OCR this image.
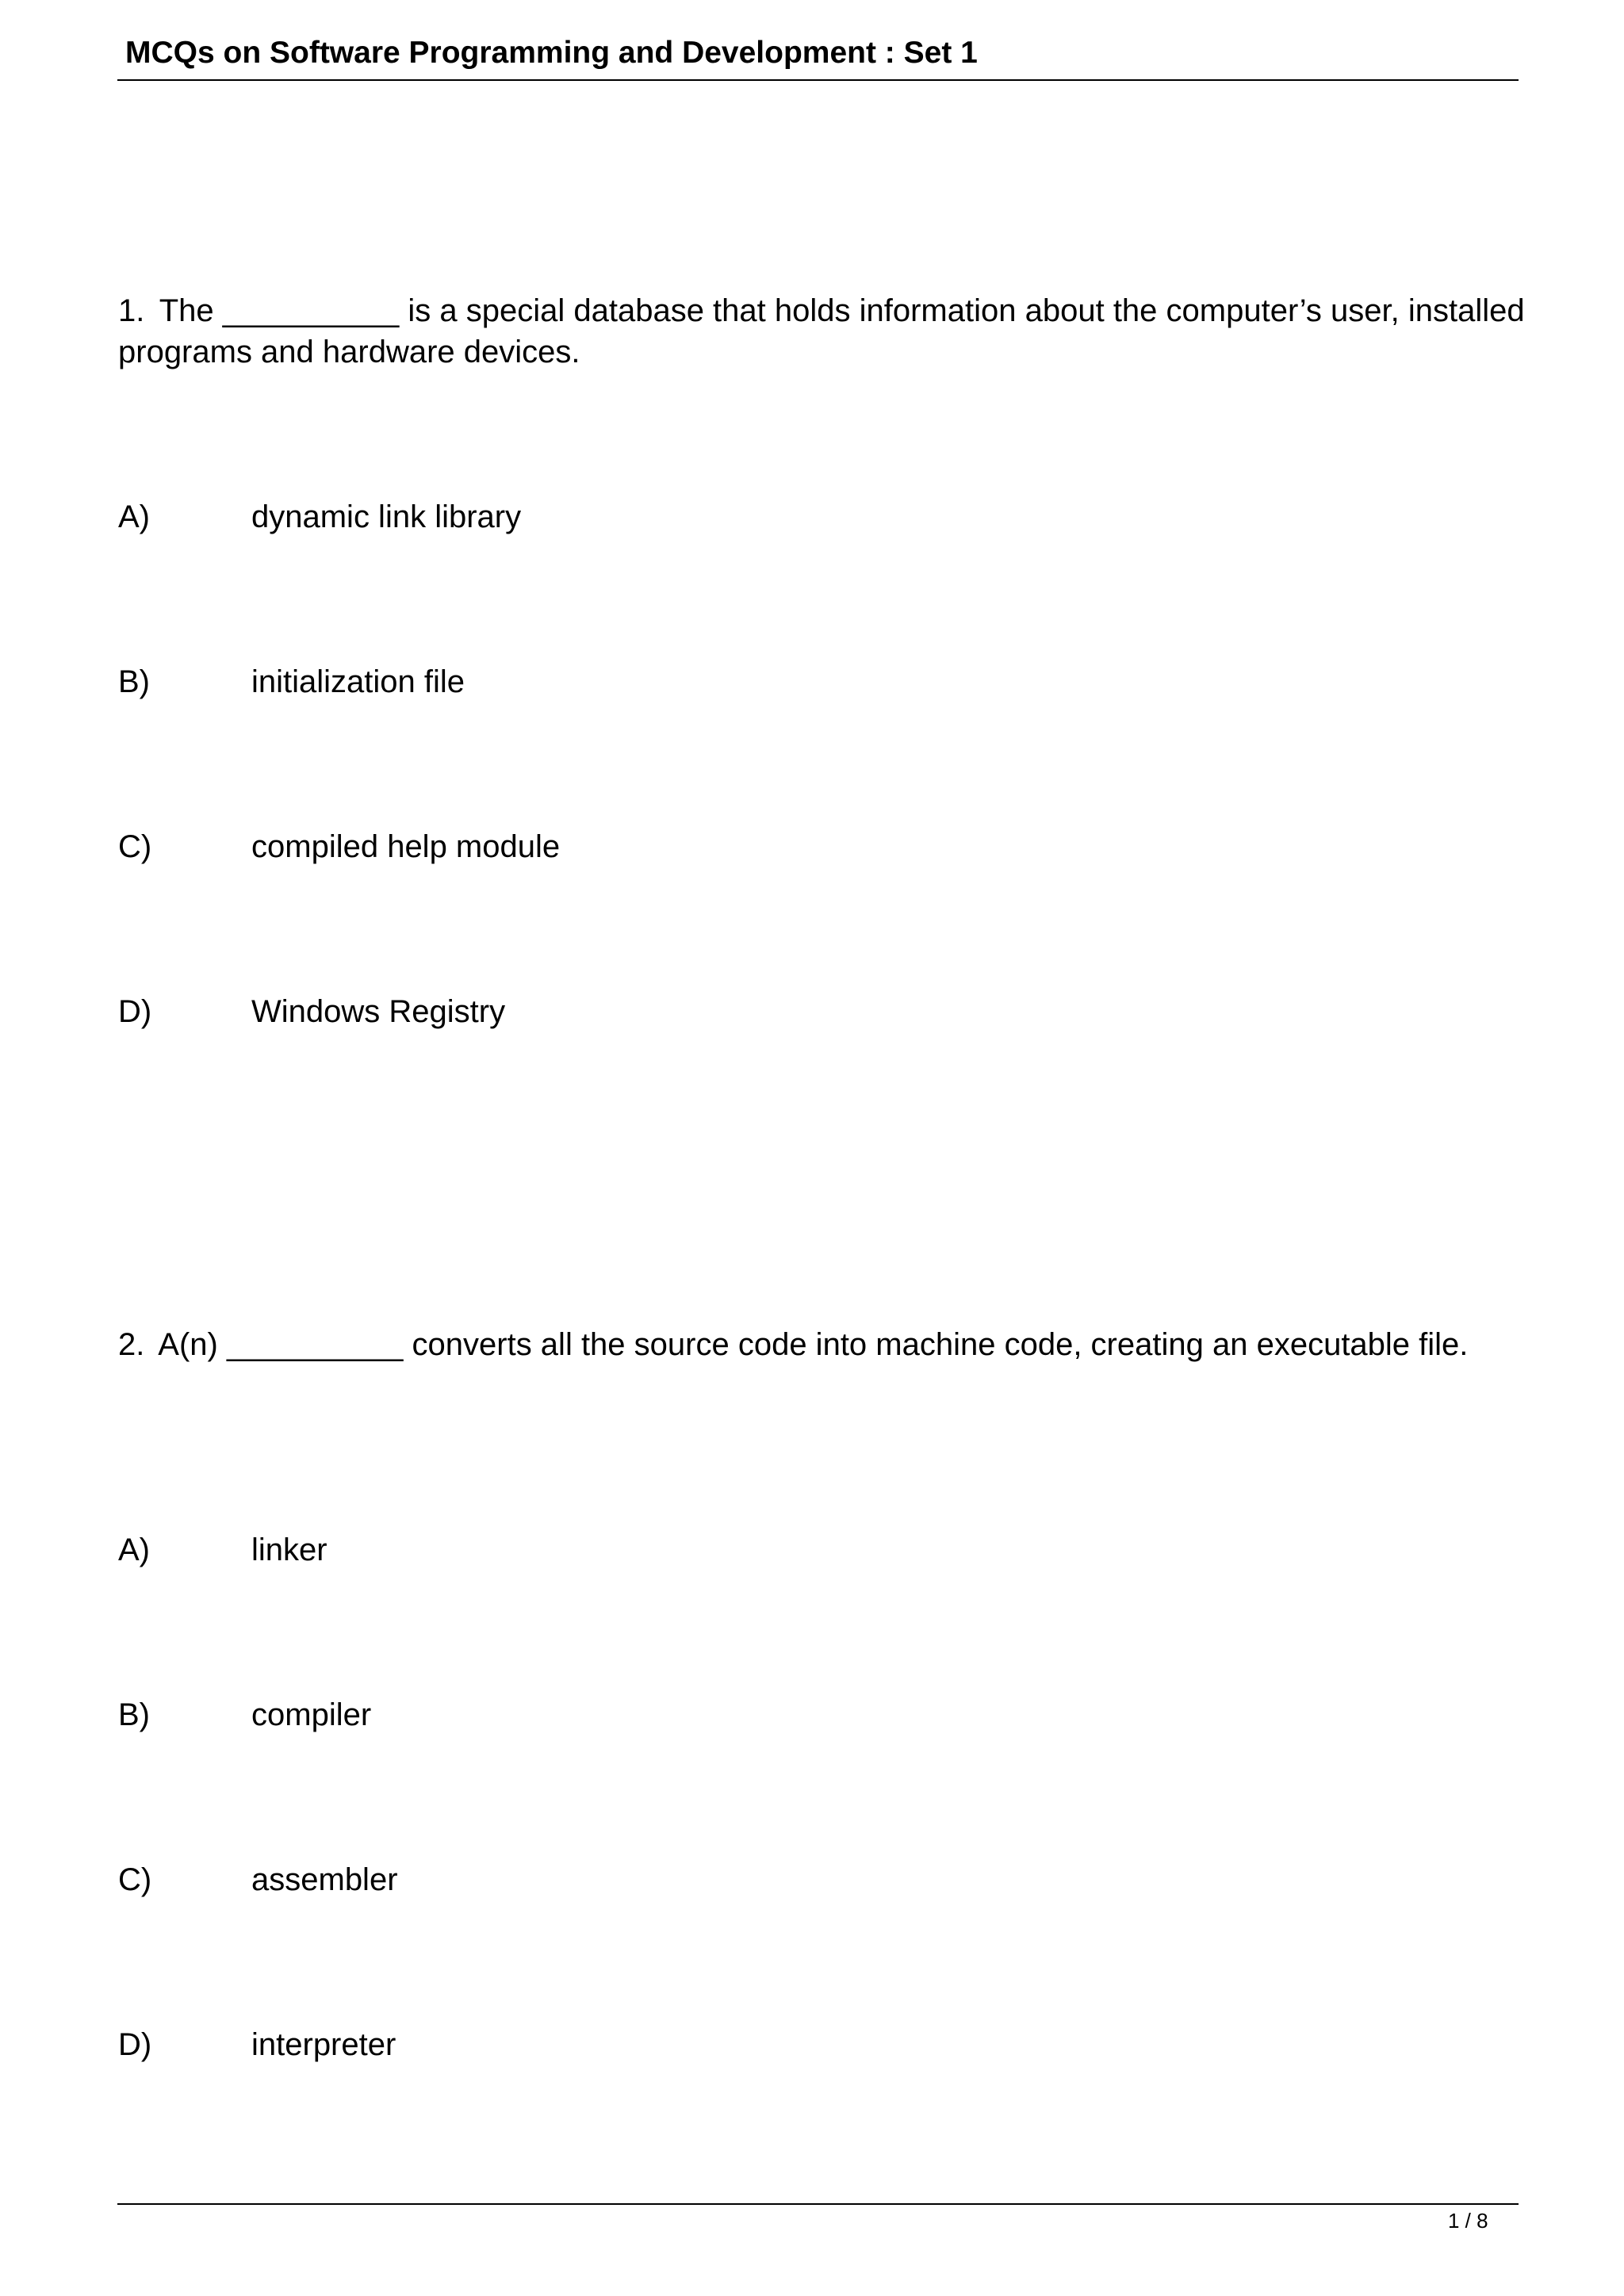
MCQs on Software Programming and Development : Set 1
1. The __________ is a special database that holds information about the computer’s user, installed programs and hardware devices.
A)	dynamic link library
B)	initialization file
C)	compiled help module
D)	Windows Registry
2. A(n) __________ converts all the source code into machine code, creating an executable file.
A)	linker
B)	compiler
C)	assembler
D)	interpreter
1 / 8
